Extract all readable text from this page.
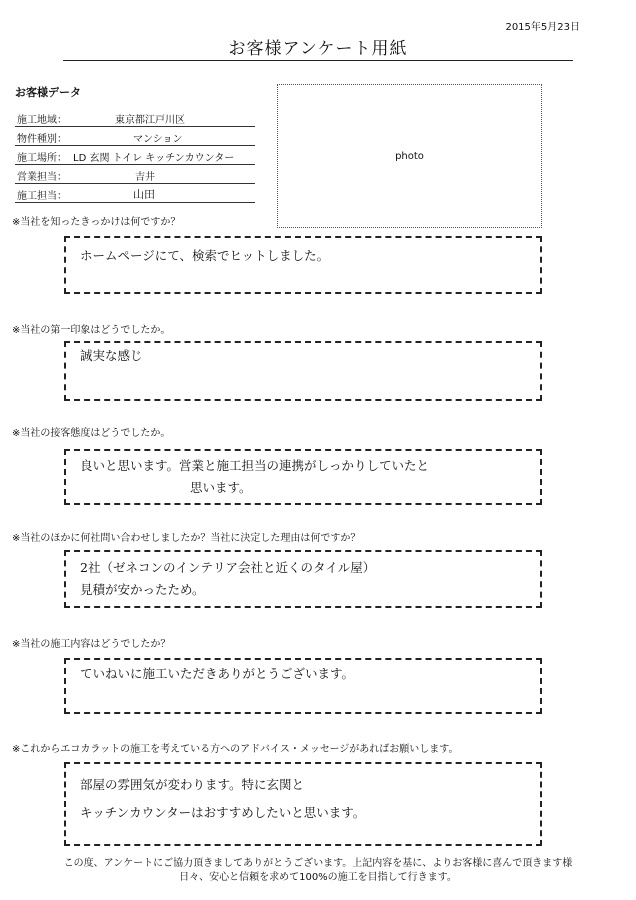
2015年5月23日
お客様アンケート用紙
お客様データ
施工地域：	東京都江戸川区
物件種別：	マンション
施工場所： LD 玄関 トイレ キッチンカウンター
営業担当：	吉井
施工担当：	山田
photo
※当社を知ったきっかけは何ですか？
ホームページにて、検索でヒットしました。
※当社の第一印象はどうでしたか。
誠実な感じ
※当社の接客態度はどうでしたか。
良いと思います。営業と施工担当の連携がしっかりしていたと
思います。
※当社のほかに何社問い合わせしましたか？当社に決定した理由は何ですか？
2社（ゼネコンのインテリア会社と近くのタイル屋）
見積が安かったため。
※当社の施工内容はどうでしたか？
ていねいに施工いただきありがとうございます。
※これからエコカラットの施工を考えている方へのアドバイス・メッセージがあればお願いします。
部屋の雰囲気が変わります。特に玄関と
キッチンカウンターはおすすめしたいと思います。
この度、アンケートにご協力頂きましてありがとうございます。上記内容を基に、よりお客様に喜んで頂きます様
日々、安心と信頼を求めて100%の施工を目指して行きます。
